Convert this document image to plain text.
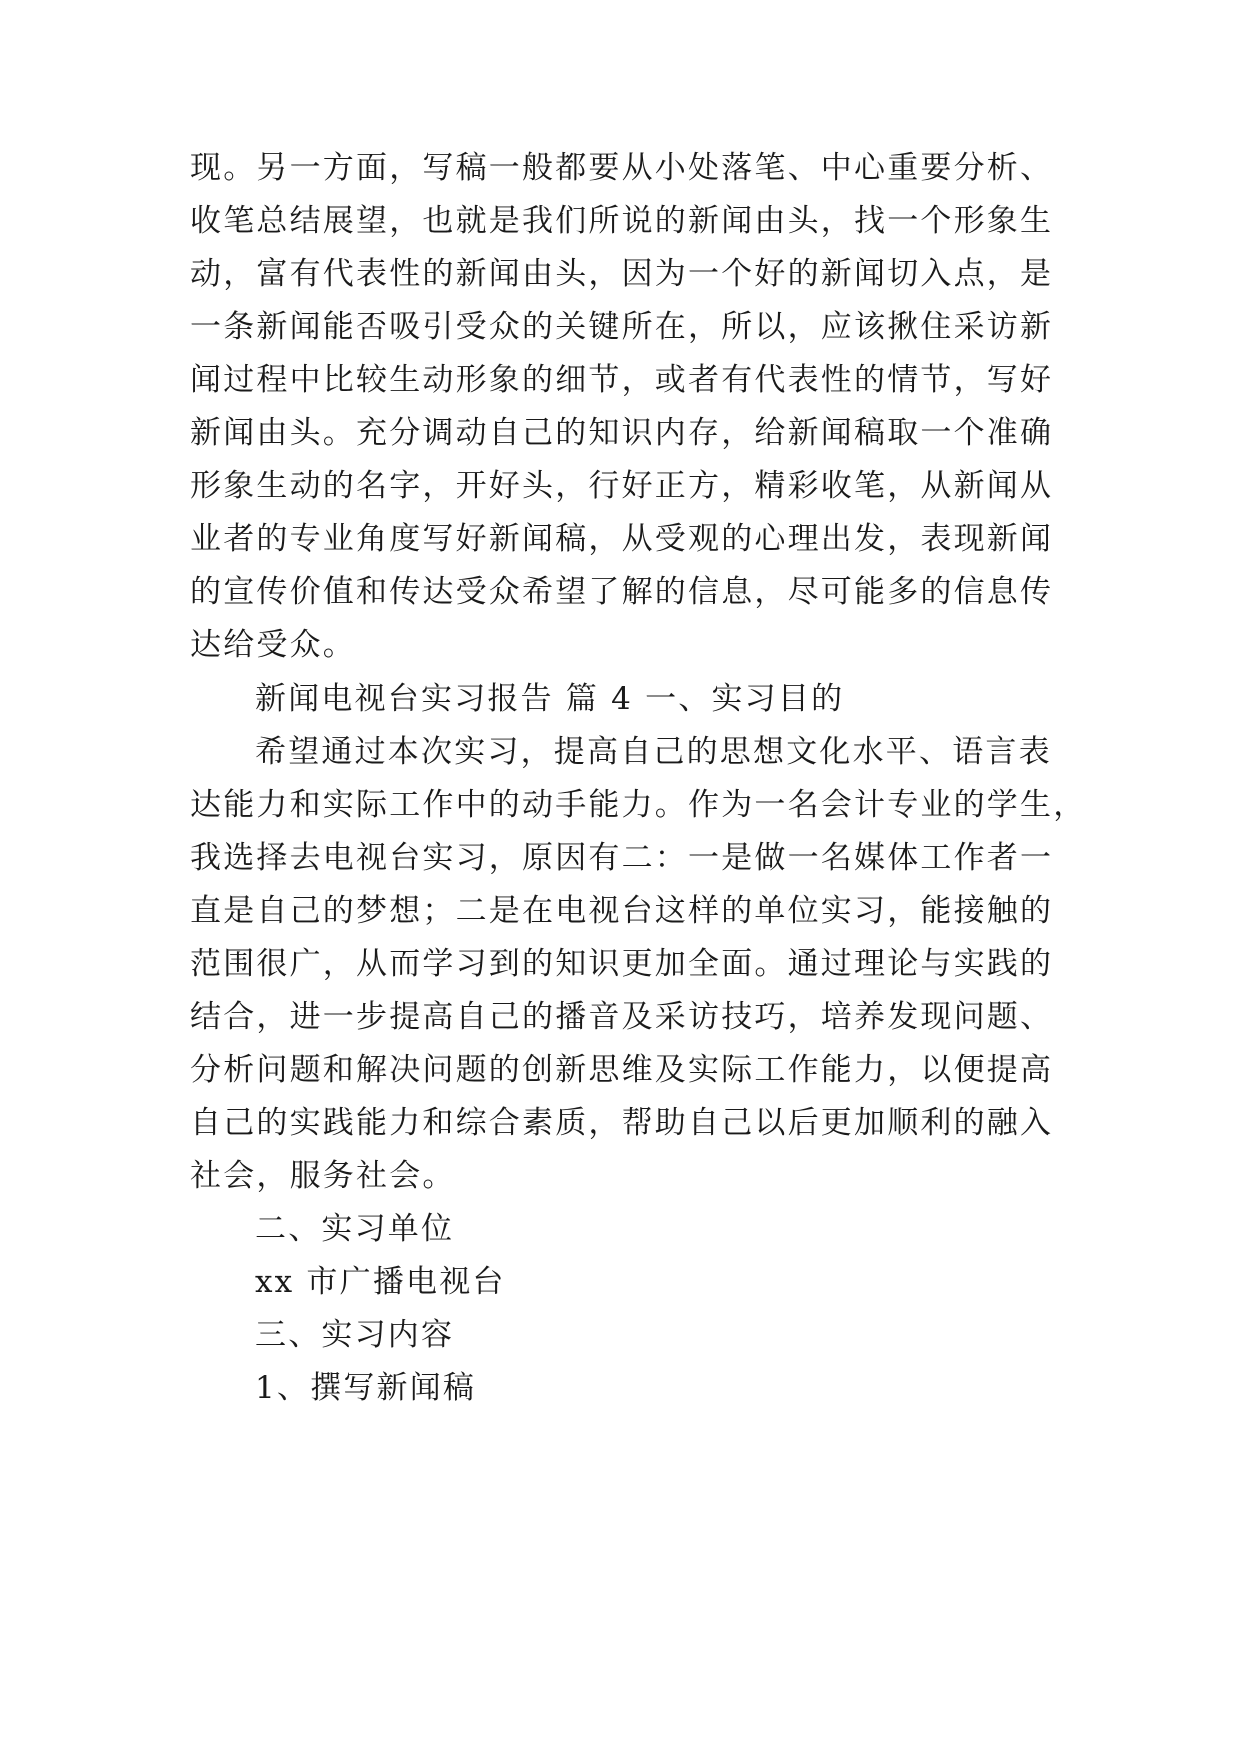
现。另一方面，写稿一般都要从小处落笔、中心重要分析、
收笔总结展望，也就是我们所说的新闻由头，找一个形象生
动，富有代表性的新闻由头，因为一个好的新闻切入点，是
一条新闻能否吸引受众的关键所在，所以，应该揪住采访新
闻过程中比较生动形象的细节，或者有代表性的情节，写好
新闻由头。充分调动自己的知识内存，给新闻稿取一个准确
形象生动的名字，开好头，行好正方，精彩收笔，从新闻从
业者的专业角度写好新闻稿，从受观的心理出发，表现新闻
的宣传价值和传达受众希望了解的信息，尽可能多的信息传
达给受众。
新闻电视台实习报告 篇 4 一、实习目的
希望通过本次实习，提高自己的思想文化水平、语言表
达能力和实际工作中的动手能力。作为一名会计专业的学生，
我选择去电视台实习，原因有二：一是做一名媒体工作者一
直是自己的梦想；二是在电视台这样的单位实习，能接触的
范围很广，从而学习到的知识更加全面。通过理论与实践的
结合，进一步提高自己的播音及采访技巧，培养发现问题、
分析问题和解决问题的创新思维及实际工作能力，以便提高
自己的实践能力和综合素质，帮助自己以后更加顺利的融入
社会，服务社会。
二、实习单位
xx 市广播电视台
三、实习内容
1、撰写新闻稿
